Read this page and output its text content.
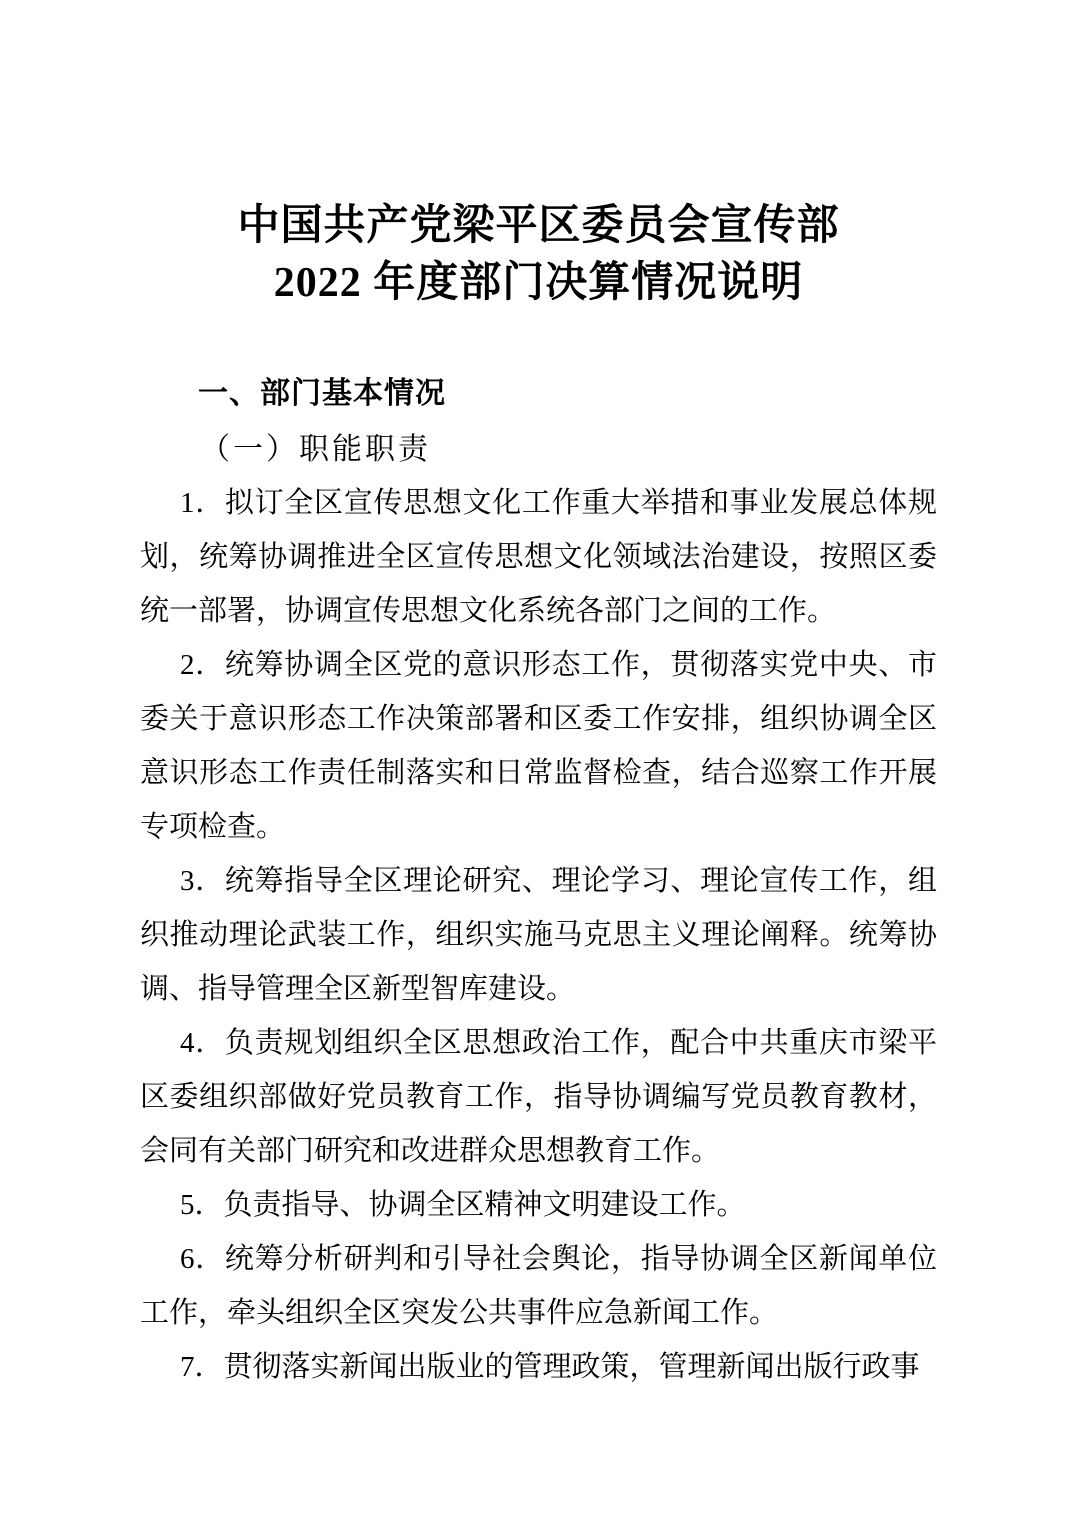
中国共产党梁平区委员会宣传部
2022 年度部门决算情况说明
一、部门基本情况
（一）职能职责

1．拟订全区宣传思想文化工作重大举措和事业发展总体规划，统筹协调推进全区宣传思想文化领域法治建设，按照区委统一部署，协调宣传思想文化系统各部门之间的工作。

2．统筹协调全区党的意识形态工作，贯彻落实党中央、市委关于意识形态工作决策部署和区委工作安排，组织协调全区意识形态工作责任制落实和日常监督检查，结合巡察工作开展专项检查。

3．统筹指导全区理论研究、理论学习、理论宣传工作，组织推动理论武装工作，组织实施马克思主义理论阐释。统筹协调、指导管理全区新型智库建设。

4．负责规划组织全区思想政治工作，配合中共重庆市梁平区委组织部做好党员教育工作，指导协调编写党员教育教材，会同有关部门研究和改进群众思想教育工作。

5．负责指导、协调全区精神文明建设工作。

6．统筹分析研判和引导社会舆论，指导协调全区新闻单位工作，牵头组织全区突发公共事件应急新闻工作。

7．贯彻落实新闻出版业的管理政策，管理新闻出版行政事
